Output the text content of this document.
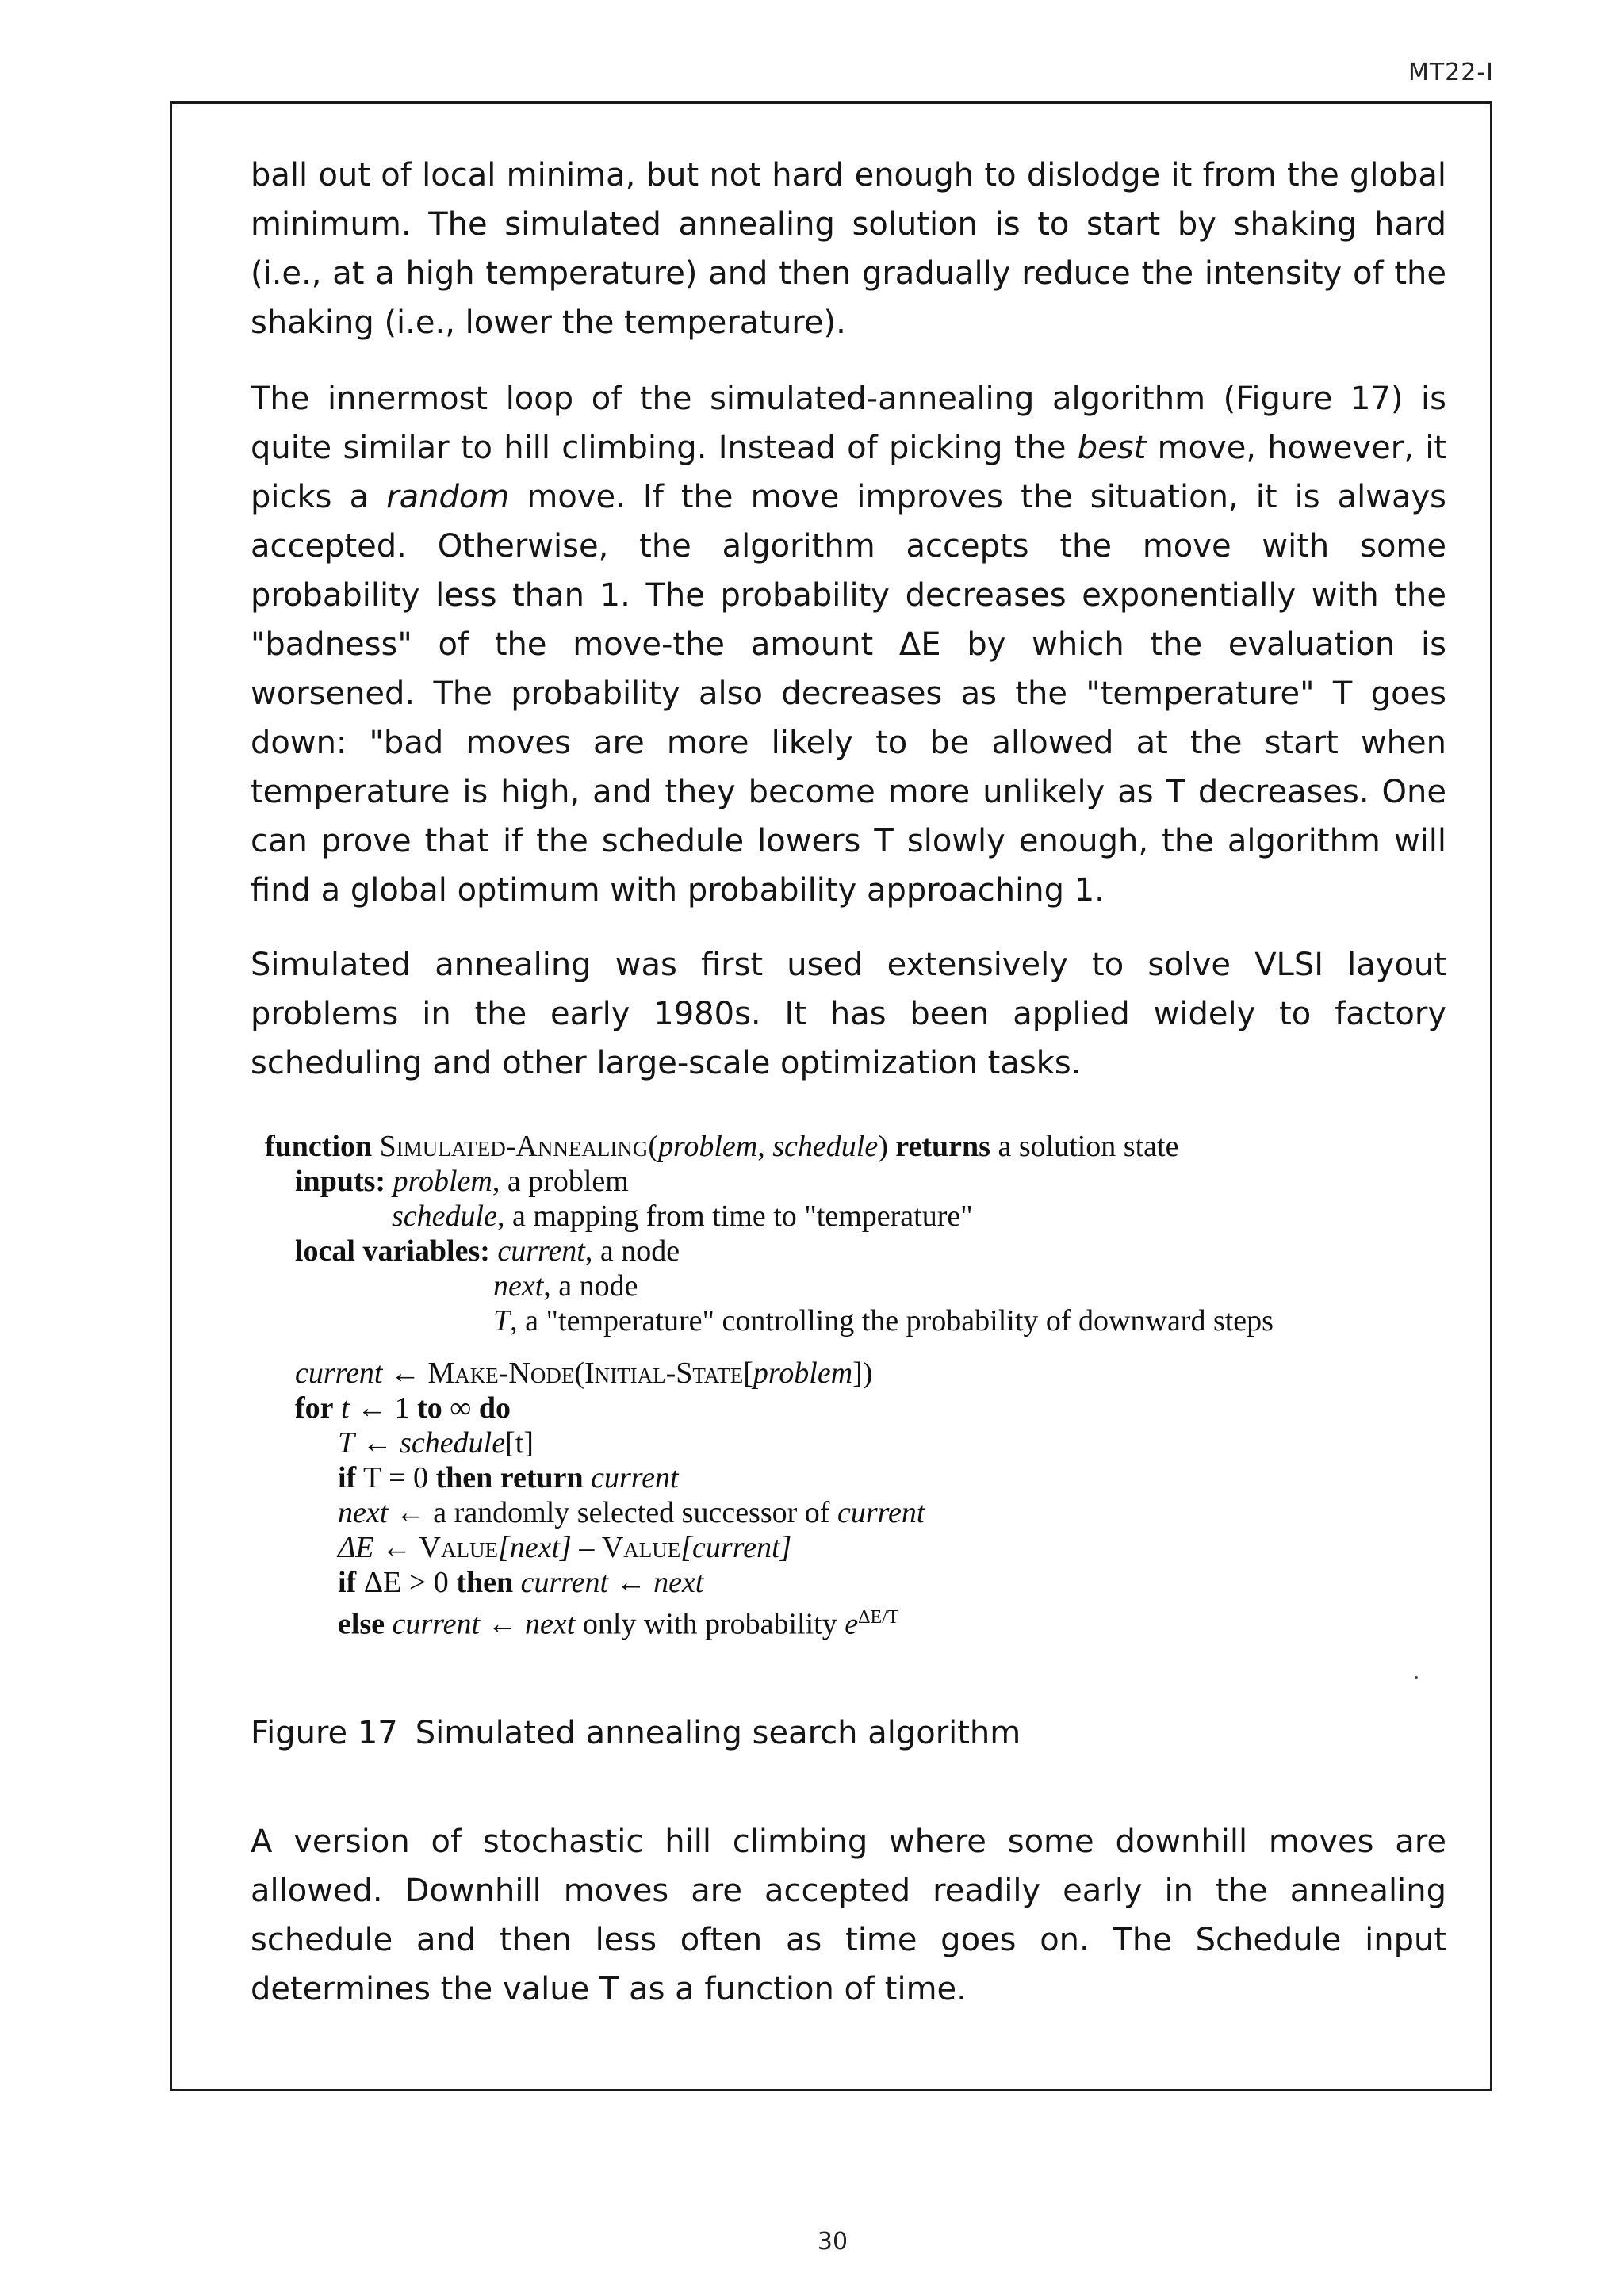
MT22-I

ball out of local minima, but not hard enough to dislodge it from the global minimum. The simulated annealing solution is to start by shaking hard (i.e., at a high temperature) and then gradually reduce the intensity of the shaking (i.e., lower the temperature).

The innermost loop of the simulated-annealing algorithm (Figure 17) is quite similar to hill climbing. Instead of picking the best move, however, it picks a random move. If the move improves the situation, it is always accepted. Otherwise, the algorithm accepts the move with some probability less than 1. The probability decreases exponentially with the "badness" of the move-the amount ΔE by which the evaluation is worsened. The probability also decreases as the "temperature" T goes down: "bad moves are more likely to be allowed at the start when temperature is high, and they become more unlikely as T decreases. One can prove that if the schedule lowers T slowly enough, the algorithm will find a global optimum with probability approaching 1.

Simulated annealing was first used extensively to solve VLSI layout problems in the early 1980s. It has been applied widely to factory scheduling and other large-scale optimization tasks.

function Simulated-Annealing(problem, schedule) returns a solution state
inputs: problem, a problem
schedule, a mapping from time to "temperature"
local variables: current, a node
next, a node
T, a "temperature" controlling the probability of downward steps
current ← Make-Node(Initial-State[problem])
for t ← 1 to ∞ do
T ← schedule[t]
if T = 0 then return current
next ← a randomly selected successor of current
ΔE ← Value[next] – Value[current]
if ΔE > 0 then current ← next
else current ← next only with probability $e^{\Delta E/T}$
Figure 17 Simulated annealing search algorithm

A version of stochastic hill climbing where some downhill moves are allowed. Downhill moves are accepted readily early in the annealing schedule and then less often as time goes on. The Schedule input determines the value T as a function of time.

30
